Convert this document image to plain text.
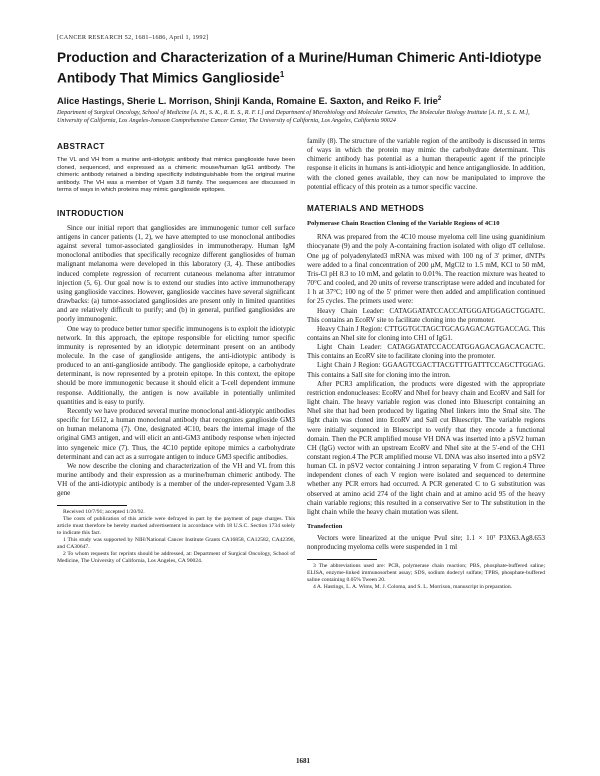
[CANCER RESEARCH 52, 1681–1686, April 1, 1992]
Production and Characterization of a Murine/Human Chimeric Anti-Idiotype Antibody That Mimics Ganglioside$^1$
Alice Hastings, Sherie L. Morrison, Shinji Kanda, Romaine E. Saxton, and Reiko F. Irie$^2$
Department of Surgical Oncology, School of Medicine [A. H., S. K., R. E. S., R. F. I.] and Department of Microbiology and Molecular Genetics, The Molecular Biology Institute [A. H., S. L. M.], University of California, Los Angeles-Jonsson Comprehensive Cancer Center, The University of California, Los Angeles, California 90024
ABSTRACT
The VL and VH from a murine anti-idiotypic antibody that mimics ganglioside have been cloned, sequenced, and expressed as a chimeric mouse/human IgG1 antibody. The chimeric antibody retained a binding specificity indistinguishable from the original murine antibody. The VH was a member of Vgam 3.8 family. The sequences are discussed in terms of ways in which proteins may mimic ganglioside epitopes.
INTRODUCTION

Since our initial report that gangliosides are immunogenic tumor cell surface antigens in cancer patients (1, 2), we have attempted to use monoclonal antibodies against several tumor-associated gangliosides in immunotherapy. Human IgM monoclonal antibodies that specifically recognize different gangliosides of human malignant melanoma were developed in this laboratory (3, 4). These antibodies induced complete regression of recurrent cutaneous melanoma after intratumor injection (5, 6). Our goal now is to extend our studies into active immunotherapy using ganglioside vaccines. However, ganglioside vaccines have several significant drawbacks: (a) tumor-associated gangliosides are present only in limited quantities and are relatively difficult to purify; and (b) in general, purified gangliosides are poorly immunogenic.

One way to produce better tumor specific immunogens is to exploit the idiotypic network. In this approach, the epitope responsible for eliciting tumor specific immunity is represented by an idiotypic determinant present on an antibody molecule. In the case of ganglioside antigens, the anti-idiotypic antibody is produced to an anti-ganglioside antibody. The ganglioside epitope, a carbohydrate determinant, is now represented by a protein epitope. In this context, the epitope should be more immunogenic because it should elicit a T-cell dependent immune response. Additionally, the antigen is now available in potentially unlimited quantities and is easy to purify.

Recently we have produced several murine monoclonal anti-idiotypic antibodies specific for L612, a human monoclonal antibody that recognizes ganglioside GM3 on human melanoma (7). One, designated 4C10, bears the internal image of the original GM3 antigen, and will elicit an anti-GM3 antibody response when injected into syngeneic mice (7). Thus, the 4C10 peptide epitope mimics a carbohydrate determinant and can act as a surrogate antigen to induce GM3 specific antibodies.

We now describe the cloning and characterization of the VH and VL from this murine antibody and their expression as a murine/human chimeric antibody. The VH of the anti-idiotypic antibody is a member of the under-represented Vgam 3.8 gene

Received 10/7/91; accepted 1/20/92.
The costs of publication of this article were defrayed in part by the payment of page charges. This article must therefore be hereby marked advertisement in accordance with 18 U.S.C. Section 1734 solely to indicate this fact.
1 This study was supported by NIH/National Cancer Institute Grants CA16858, CA12582, CA42396, and CA30647.
2 To whom requests for reprints should be addressed, at: Department of Surgical Oncology, School of Medicine, The University of California, Los Angeles, CA 90024.

family (8). The structure of the variable region of the antibody is discussed in terms of ways in which the protein may mimic the carbohydrate determinant. This chimeric antibody has potential as a human therapeutic agent if the principle response it elicits in humans is anti-idiotypic and hence antiganglioside. In addition, with the cloned genes available, they can now be manipulated to improve the potential efficacy of this protein as a tumor specific vaccine.

MATERIALS AND METHODS
Polymerase Chain Reaction Cloning of the Variable Regions of 4C10

RNA was prepared from the 4C10 mouse myeloma cell line using guanidinium thiocyanate (9) and the poly A-containing fraction isolated with oligo dT cellulose. One µg of polyadenylated3 mRNA was mixed with 100 ng of 3′ primer, dNTPs were added to a final concentration of 200 µM, MgCl2 to 1.5 mM, KCl to 50 mM, Tris-Cl pH 8.3 to 10 mM, and gelatin to 0.01%. The reaction mixture was heated to 70°C and cooled, and 20 units of reverse transcriptase were added and incubated for 1 h at 37°C; 100 ng of the 5′ primer were then added and amplification continued for 25 cycles. The primers used were:

Heavy Chain Leader: CATAGGATATCCACCATGGGATGGAGCTGGATC. This contains an EcoRV site to facilitate cloning into the promoter.

Heavy Chain J Region: CTTGGTGCTAGCTGCAGAGACAGTGACCAG. This contains an NheI site for cloning into CH1 of IgG1.

Light Chain Leader: CATAGGATATCCACCATGGAGACAGACACACTC. This contains an EcoRV site to facilitate cloning into the promoter.

Light Chain J Region: GGAAGTCGACTTACGTTTGATTTCCAGCTTGGAG. This contains a SalI site for cloning into the intron.

After PCR3 amplification, the products were digested with the appropriate restriction endonucleases: EcoRV and NheI for heavy chain and EcoRV and SalI for light chain. The heavy variable region was cloned into Bluescript containing an NheI site that had been produced by ligating NheI linkers into the SmaI site. The light chain was cloned into EcoRV and SalI cut Bluescript. The variable regions were initially sequenced in Bluescript to verify that they encode a functional domain. Then the PCR amplified mouse VH DNA was inserted into a pSV2 human CH (IgG) vector with an upstream EcoRV and NheI site at the 5′-end of the CH1 constant region.4 The PCR amplified mouse VL DNA was also inserted into a pSV2 human CL in pSV2 vector containing J intron separating V from C region.4 Three independent clones of each V region were isolated and sequenced to determine whether any PCR errors had occurred. A PCR generated C to G substitution was observed at amino acid 274 of the light chain and at amino acid 95 of the heavy chain variable regions; this resulted in a conservative Ser to Thr substitution in the light chain while the heavy chain mutation was silent.

Transfection

Vectors were linearized at the unique PvuI site; 1.1 × 10⁷ P3X63.Ag8.653 nonproducing myeloma cells were suspended in 1 ml

3 The abbreviations used are: PCR, polymerase chain reaction; PBS, phosphate-buffered saline; ELISA, enzyme-linked immunosorbent assay; SDS, sodium dodecyl sulfate; TPBS, phosphate-buffered saline containing 0.05% Tween 20.
4 A. Hastings, L. A. Wims, M. J. Coloma, and S. L. Morrison, manuscript in preparation.
1681
